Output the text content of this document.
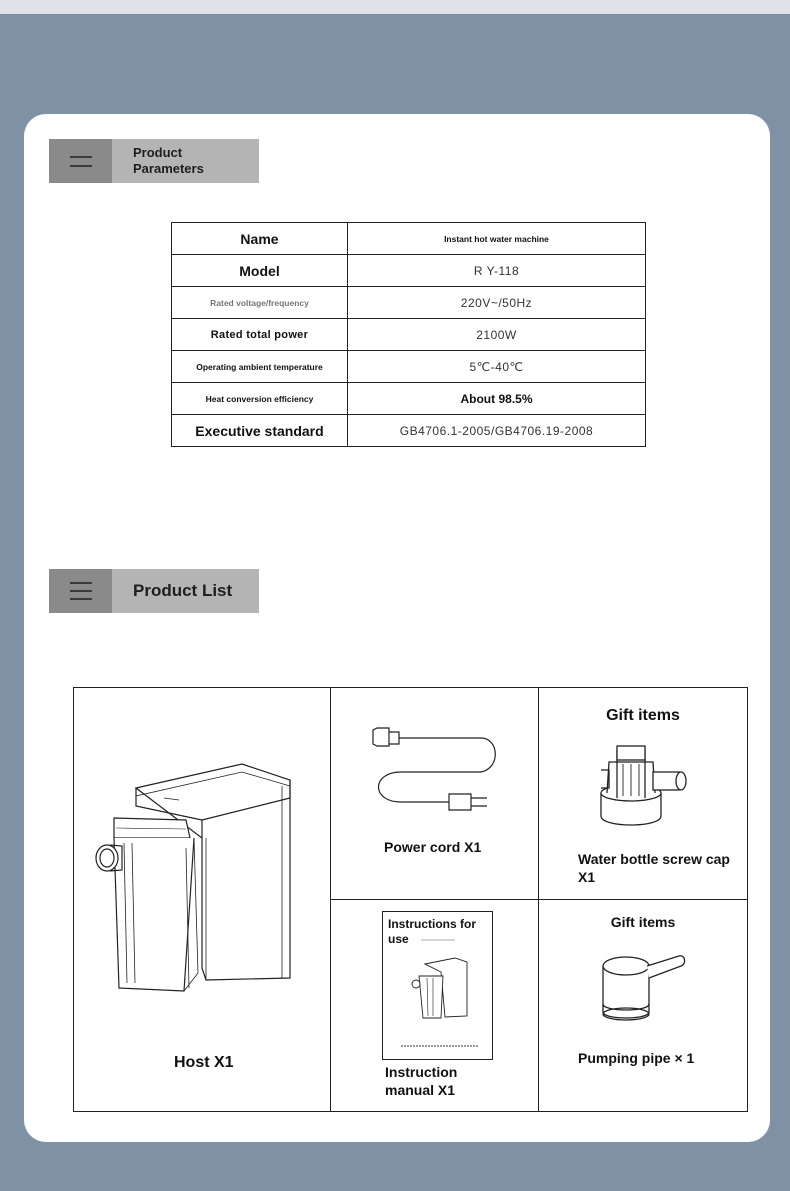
Product
Parameters
Name	Instant hot water machine
Model	R Y-118
Rated voltage/frequency	220V~/50Hz
Rated total power	2100W
Operating ambient temperature	5℃-40℃
Heat conversion efficiency	About 98.5%
Executive standard	GB4706.1-2005/GB4706.19-2008
Product List
Host X1
Power cord X1
Gift items
Water bottle screw cap X1
Instructions for use
Instruction manual X1
Gift items
Pumping pipe × 1
